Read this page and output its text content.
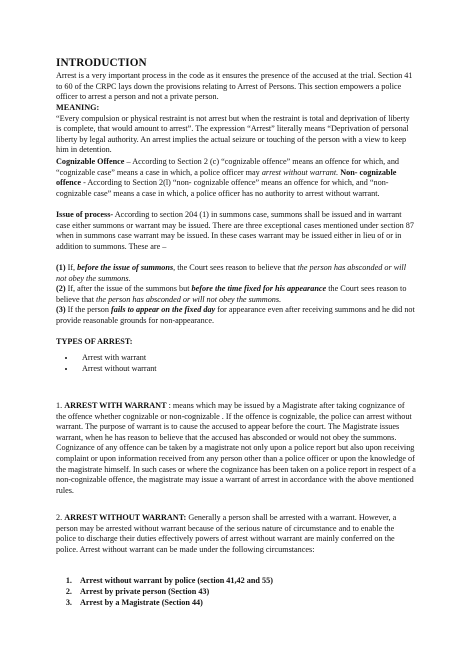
INTRODUCTION
Arrest is a very important process in the code as it ensures the presence of the accused at the trial. Section 41 to 60 of the CRPC lays down the provisions relating to Arrest of Persons. This section empowers a police officer to arrest a person and not a private person.
MEANING:
“Every compulsion or physical restraint is not arrest but when the restraint is total and deprivation of liberty is complete, that would amount to arrest”. The expression “Arrest” literally means “Deprivation of personal liberty by legal authority. An arrest implies the actual seizure or touching of the person with a view to keep him in detention.
Cognizable Offence – According to Section 2 (c) “cognizable offence” means an offence for which, and “cognizable case” means a case in which, a police officer may arrest without warrant. Non- cognizable offence - According to Section 2(l) “non- cognizable offence” means an offence for which, and “non- cognizable case” means a case in which, a police officer has no authority to arrest without warrant.
Issue of process- According to section 204 (1) in summons case, summons shall be issued and in warrant case either summons or warrant may be issued. There are three exceptional cases mentioned under section 87 when in summons case warrant may be issued. In these cases warrant may be issued either in lieu of or in addition to summons. These are –
(1) If, before the issue of summons, the Court sees reason to believe that the person has absconded or will not obey the summons.
(2) If, after the issue of the summons but before the time fixed for his appearance the Court sees reason to believe that the person has absconded or will not obey the summons.
(3) If the person fails to appear on the fixed day for appearance even after receiving summons and he did not provide reasonable grounds for non-appearance.
TYPES OF ARREST:
• Arrest with warrant
• Arrest without warrant
1. ARREST WITH WARRANT : means which may be issued by a Magistrate after taking cognizance of the offence whether cognizable or non-cognizable . If the offence is cognizable, the police can arrest without warrant. The purpose of warrant is to cause the accused to appear before the court. The Magistrate issues warrant, when he has reason to believe that the accused has absconded or would not obey the summons. Cognizance of any offence can be taken by a magistrate not only upon a police report but also upon receiving complaint or upon information received from any person other than a police officer or upon the knowledge of the magistrate himself. In such cases or where the cognizance has been taken on a police report in respect of a non-cognizable offence, the magistrate may issue a warrant of arrest in accordance with the above mentioned rules.
2. ARREST WITHOUT WARRANT: Generally a person shall be arrested with a warrant. However, a person may be arrested without warrant because of the serious nature of circumstance and to enable the police to discharge their duties effectively powers of arrest without warrant are mainly conferred on the police. Arrest without warrant can be made under the following circumstances:
1. Arrest without warrant by police (section 41,42 and 55)
2. Arrest by private person (Section 43)
3. Arrest by a Magistrate (Section 44)
